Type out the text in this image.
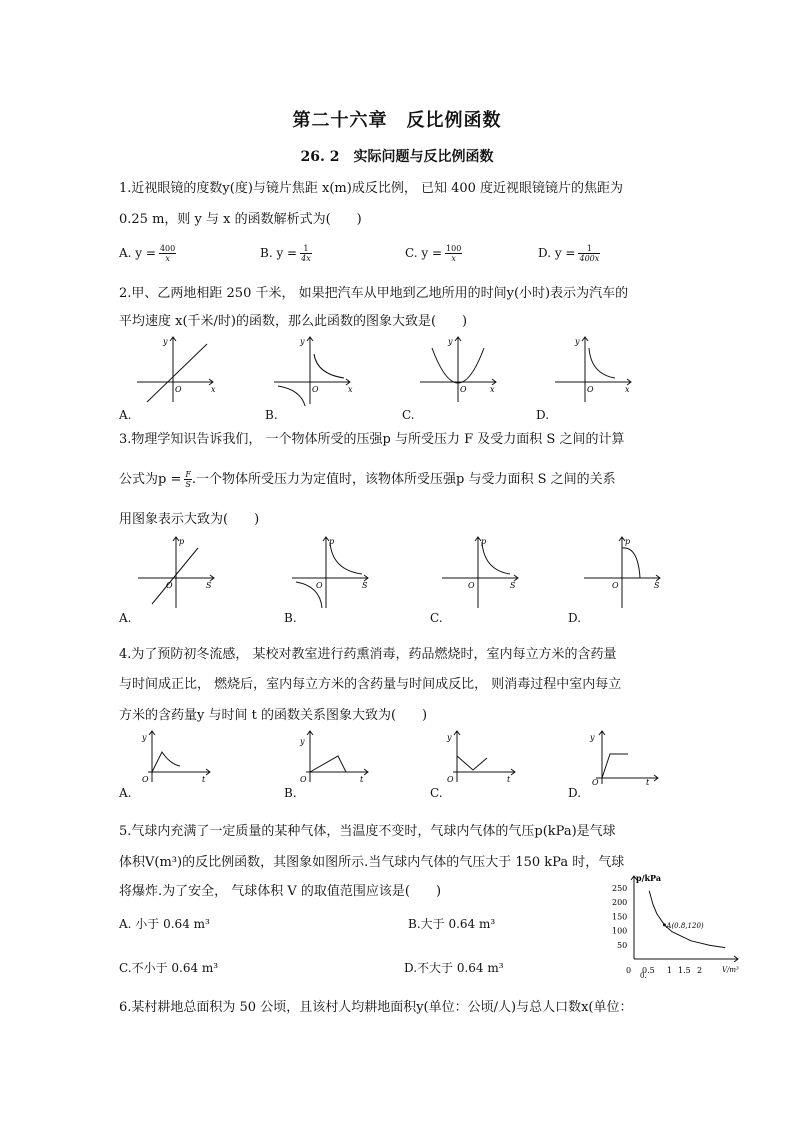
第二十六章　反比例函数
26. 2　实际问题与反比例函数
1.近视眼镜的度数y(度)与镜片焦距 x(m)成反比例， 已知 400 度近视眼镜镜片的焦距为
0.25 m，则 y 与 x 的函数解析式为(　　)
A. $y = \frac{400}{x}$	B. $y = \frac{1}{4x}$	C. $y = \frac{100}{x}$	D. $y = \frac{1}{400x}$
2.甲、乙两地相距 250 千米， 如果把汽车从甲地到乙地所用的时间y(小时)表示为汽车的
平均速度 x(千米/时)的函数，那么此函数的图象大致是(　　)
y
x
O
y
x
O
y
x
O
y
x
O
A.	B.	C.	D.
3.物理学知识告诉我们， 一个物体所受的压强p 与所受压力 F 及受力面积 S 之间的计算
公式为$p = \frac{F}{S}$ .一个物体所受压力为定值时，该物体所受压强p 与受力面积 S 之间的关系
用图象表示大致为(　　)
p
S
O
p
S
O
p
S
O
p
S
O
A.	B.	C.	D.
4.为了预防初冬流感， 某校对教室进行药熏消毒，药品燃烧时，室内每立方米的含药量
与时间成正比， 燃烧后，室内每立方米的含药量与时间成反比， 则消毒过程中室内每立
方米的含药量y 与时间 t 的函数关系图象大致为(　　)
y
t
O
y
t
O
y
t
O
y
t
O
A.	B.	C.	D.
5.气球内充满了一定质量的某种气体，当温度不变时，气球内气体的气压p(kPa)是气球
体积V(m³)的反比例函数，其图象如图所示.当气球内气体的气压大于 150 kPa 时，气球
将爆炸.为了安全， 气球体积 V 的取值范围应该是(　　)
A. 小于 0.64 m³	B.大于 0.64 m³
C.不小于 0.64 m³	D.不大于 0.64 m³
p/kPa
V/m³
250
200
150
100
50
0 0.5 1 1.5 2
0.
A(0.8,120)
6.某村耕地总面积为 50 公顷，且该村人均耕地面积y(单位：公顷/人)与总人口数x(单位：
